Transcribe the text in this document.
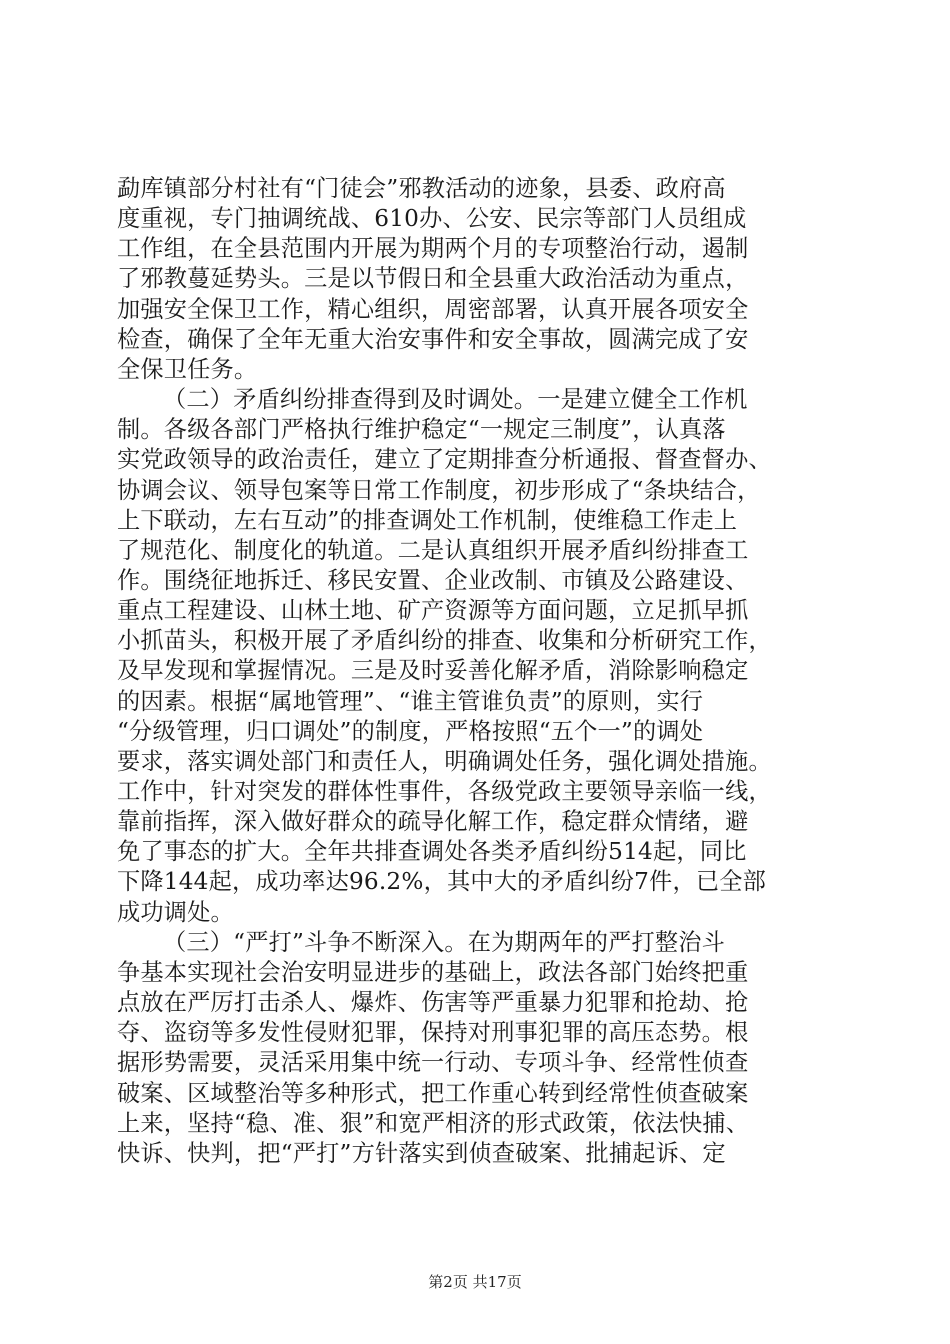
勐库镇部分村社有“门徒会”邪教活动的迹象，县委、政府高
度重视，专门抽调统战、610办、公安、民宗等部门人员组成
工作组，在全县范围内开展为期两个月的专项整治行动，遏制
了邪教蔓延势头。三是以节假日和全县重大政治活动为重点，
加强安全保卫工作，精心组织，周密部署，认真开展各项安全
检查，确保了全年无重大治安事件和安全事故，圆满完成了安
全保卫任务。
（二）矛盾纠纷排查得到及时调处。一是建立健全工作机
制。各级各部门严格执行维护稳定“一规定三制度”，认真落
实党政领导的政治责任，建立了定期排查分析通报、督查督办、
协调会议、领导包案等日常工作制度，初步形成了“条块结合，
上下联动，左右互动”的排查调处工作机制，使维稳工作走上
了规范化、制度化的轨道。二是认真组织开展矛盾纠纷排查工
作。围绕征地拆迁、移民安置、企业改制、市镇及公路建设、
重点工程建设、山林土地、矿产资源等方面问题，立足抓早抓
小抓苗头，积极开展了矛盾纠纷的排查、收集和分析研究工作，
及早发现和掌握情况。三是及时妥善化解矛盾，消除影响稳定
的因素。根据“属地管理”、“谁主管谁负责”的原则，实行
“分级管理，归口调处”的制度，严格按照“五个一”的调处
要求，落实调处部门和责任人，明确调处任务，强化调处措施。
工作中，针对突发的群体性事件，各级党政主要领导亲临一线，
靠前指挥，深入做好群众的疏导化解工作，稳定群众情绪，避
免了事态的扩大。全年共排查调处各类矛盾纠纷514起，同比
下降144起，成功率达96.2%，其中大的矛盾纠纷7件，已全部
成功调处。
（三）“严打”斗争不断深入。在为期两年的严打整治斗
争基本实现社会治安明显进步的基础上，政法各部门始终把重
点放在严厉打击杀人、爆炸、伤害等严重暴力犯罪和抢劫、抢
夺、盗窃等多发性侵财犯罪，保持对刑事犯罪的高压态势。根
据形势需要，灵活采用集中统一行动、专项斗争、经常性侦查
破案、区域整治等多种形式，把工作重心转到经常性侦查破案
上来，坚持“稳、准、狠”和宽严相济的形式政策，依法快捕、
快诉、快判，把“严打”方针落实到侦查破案、批捕起诉、定
第2页 共17页
